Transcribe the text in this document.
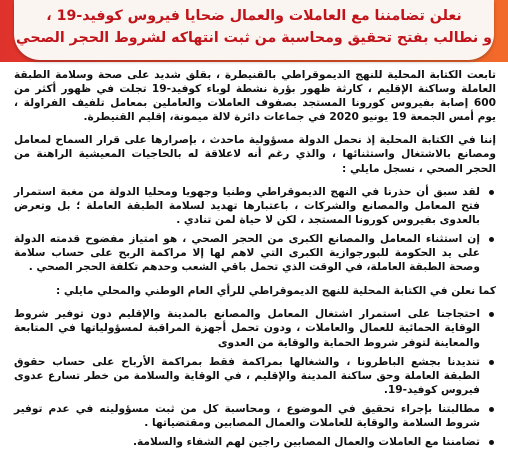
نعلن تضامننا مع العاملات والعمال ضحايا فيروس كوفيد-19 ،
و نطالب بفتح تحقيق ومحاسبة من ثبت انتهاكه لشروط الحجر الصحي

تابعت الكتابة المحلية للنهج الديموقراطي بالقنيطرة ، بقلق شديد على صحة وسلامة الطبقة العاملة وساكنة الإقليم ، كارثة ظهور بؤرة نشطة لوباء كوفيد-19 تجلت في ظهور أكثر من 600 إصابة بفيروس كورونا المستجد بصفوف العاملات والعاملين بمعامل تلفيف الفراولة ، يوم أمس الجمعة 19 يونيو 2020 في جماعات دائرة لالة ميمونة، إقليم القنيطرة.

إننا في الكتابة المحلية إذ نحمل الدولة مسؤولية ماحدث ، بإصرارها على قرار السماح لمعامل ومصانع بالاشتغال واستثنائها ، والذي رغم أنه لاعلاقة له بالحاجيات المعيشية الراهنة من الحجر الصحي ، نسجل مايلي :

لقد سبق أن حذرنا في النهج الديموقراطي وطنيا وجهويا ومحليا الدولة من مغبة استمرار فتح المعامل والمصانع والشركات ، باعتبارها تهديد لسلامة الطبقة العاملة ؛ بل وتعرض بالعدوى بفيروس كورونا المستجد ، لكن لا حياة لمن تنادي .
إن استثناء المعامل والمصانع الكبرى من الحجر الصحي ، هو امتياز مفضوح قدمته الدولة على يد الحكومة للبورجوازية الكبرى التي لاهم لها إلا مراكمة الربح على حساب سلامة وصحة الطبقة العاملة، في الوقت الذي تحمل باقي الشعب وحدهم تكلفة الحجر الصحي .

كما نعلن في الكتابة المحلية للنهج الديموقراطي للرأي العام الوطني والمحلي مايلي :

احتجاجنا على استمرار اشتغال المعامل والمصانع بالمدينة والإقليم دون توفير شروط الوقاية الحمائية للعمال والعاملات ، ودون تحمل أجهزة المراقبة لمسؤولياتها في المتابعة والمعاينة لتوفر شروط الحماية والوقاية من العدوى
تنديدنا بجشع الباطرونا ، والشغالها بمراكمة فقط بمراكمة الأرباح على حساب حقوق الطبقة العاملة وحق ساكنة المدينة والإقليم ، في الوقاية والسلامة من خطر تسارع عدوى فيروس كوفيد-19.
مطالبتنا بإجراء تحقيق في الموضوع ، ومحاسبة كل من ثبت مسؤوليته في عدم توفير شروط السلامة والوقاية للعاملات والعمال المصابين ومقتضياتها .
تضامننا مع العاملات والعمال المصابين راجين لهم الشفاء والسلامة.
